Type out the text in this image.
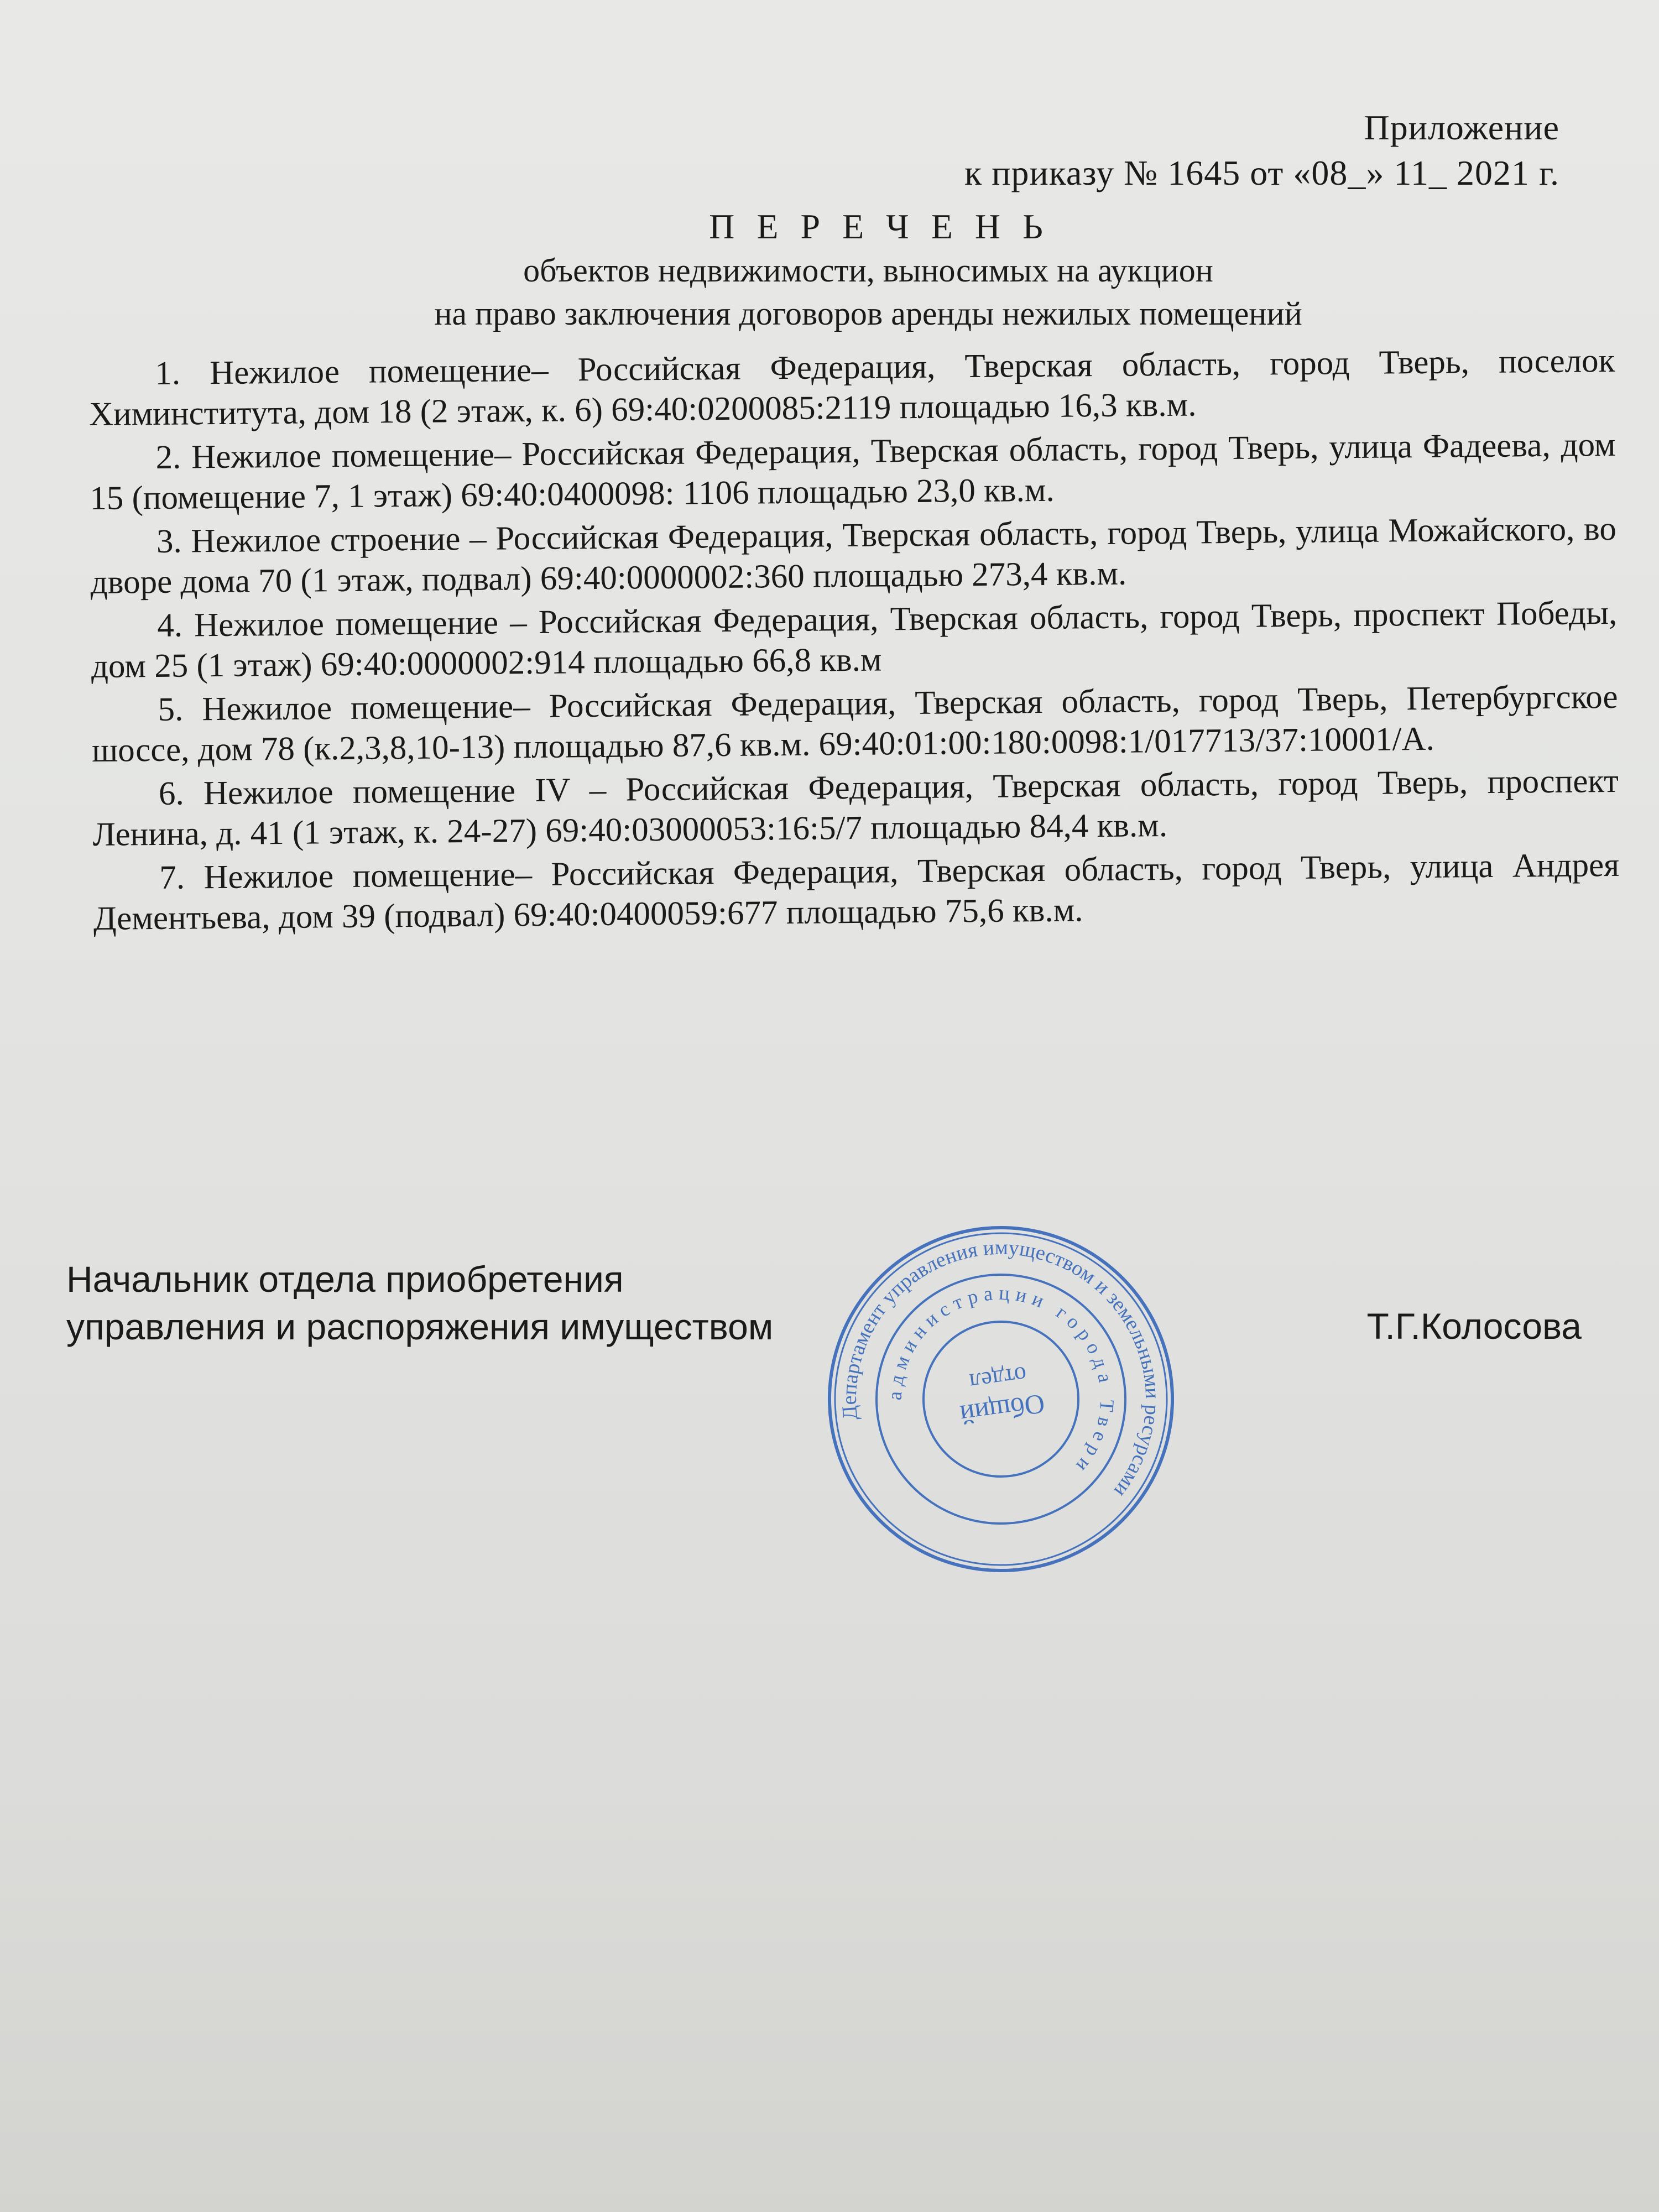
Приложение
к приказу № 1645 от «08_» 11_ 2021 г.
П Е Р Е Ч Е Н Ь
объектов недвижимости, выносимых на аукцион
на право заключения договоров аренды нежилых помещений

1. Нежилое помещение– Российская Федерация, Тверская область, город Тверь, поселок Химинститута, дом 18 (2 этаж, к. 6) 69:40:0200085:2119 площадью 16,3 кв.м.

2. Нежилое помещение– Российская Федерация, Тверская область, город Тверь, улица Фадеева, дом 15 (помещение 7, 1 этаж) 69:40:0400098: 1106 площадью 23,0 кв.м.

3. Нежилое строение – Российская Федерация, Тверская область, город Тверь, улица Можайского, во дворе дома 70 (1 этаж, подвал) 69:40:0000002:360 площадью 273,4 кв.м.

4. Нежилое помещение – Российская Федерация, Тверская область, город Тверь, проспект Победы, дом 25 (1 этаж) 69:40:0000002:914 площадью 66,8 кв.м

5. Нежилое помещение– Российская Федерация, Тверская область, город Тверь, Петербургское шоссе, дом 78 (к.2,3,8,10-13) площадью 87,6 кв.м. 69:40:01:00:180:0098:1/017713/37:10001/А.

6. Нежилое помещение IV – Российская Федерация, Тверская область, город Тверь, проспект Ленина, д. 41 (1 этаж, к. 24-27) 69:40:03000053:16:5/7 площадью 84,4 кв.м.

7. Нежилое помещение– Российская Федерация, Тверская область, город Тверь, улица Андрея Дементьева, дом 39 (подвал) 69:40:0400059:677 площадью 75,6 кв.м.

Начальник отдела приобретения
управления и распоряжения имуществом	Т.Г.Колосова
Департамент управления имуществом и земельными ресурсами
администрации города Твери
Общий
отдел
